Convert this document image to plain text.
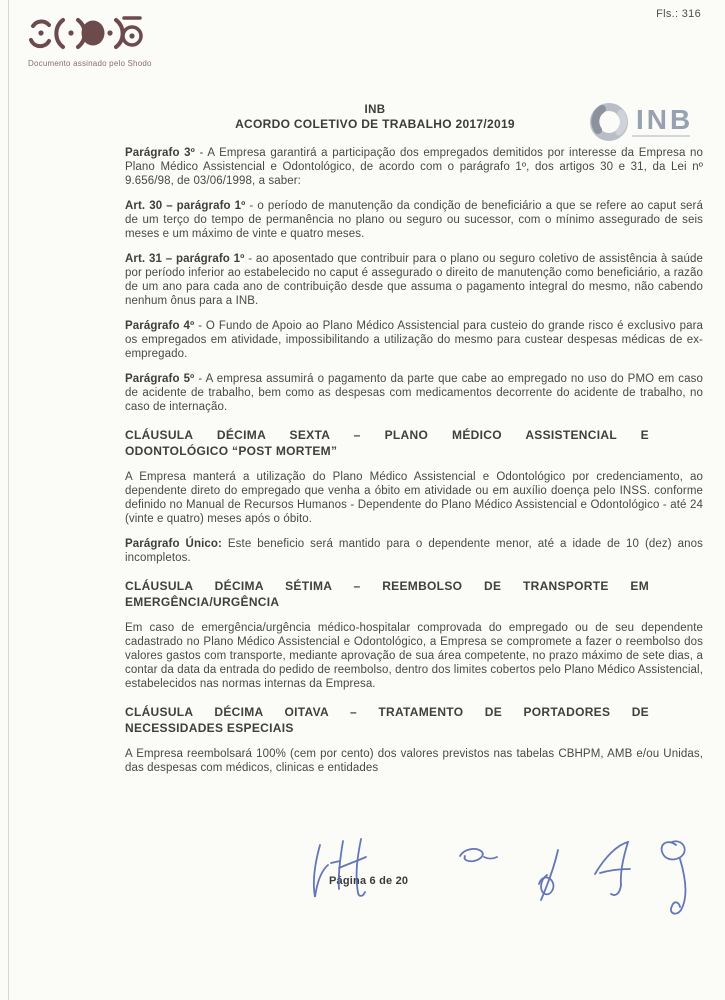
Documento assinado pelo Shodo
Fls.: 316
INB
ACORDO COLETIVO DE TRABALHO 2017/2019	INB

Parágrafo 3º - A Empresa garantirá a participação dos empregados demitidos por interesse da Empresa no Plano Médico Assistencial e Odontológico, de acordo com o parágrafo 1º, dos artigos 30 e 31, da Lei nº 9.656/98, de 03/06/1998, a saber:

Art. 30 – parágrafo 1º - o período de manutenção da condição de beneficiário a que se refere ao caput será de um terço do tempo de permanência no plano ou seguro ou sucessor, com o mínimo assegurado de seis meses e um máximo de vinte e quatro meses.

Art. 31 – parágrafo 1º - ao aposentado que contribuir para o plano ou seguro coletivo de assistência à saúde por período inferior ao estabelecido no caput é assegurado o direito de manutenção como beneficiário, a razão de um ano para cada ano de contribuição desde que assuma o pagamento integral do mesmo, não cabendo nenhum ônus para a INB.

Parágrafo 4º - O Fundo de Apoio ao Plano Médico Assistencial para custeio do grande risco é exclusivo para os empregados em atividade, impossibilitando a utilização do mesmo para custear despesas médicas de ex-empregado.

Parágrafo 5º - A empresa assumirá o pagamento da parte que cabe ao empregado no uso do PMO em caso de acidente de trabalho, bem como as despesas com medicamentos decorrente do acidente de trabalho, no caso de internação.

CLÁUSULA DÉCIMA SEXTA – PLANO MÉDICO ASSISTENCIAL E
ODONTOLÓGICO “POST MORTEM”

A Empresa manterá a utilização do Plano Médico Assistencial e Odontológico por credenciamento, ao dependente direto do empregado que venha a óbito em atividade ou em auxílio doença pelo INSS. conforme definido no Manual de Recursos Humanos - Dependente do Plano Médico Assistencial e Odontológico - até 24 (vinte e quatro) meses após o óbito.

Parágrafo Único: Este beneficio será mantido para o dependente menor, até a idade de 10 (dez) anos incompletos.

CLÁUSULA DÉCIMA SÉTIMA – REEMBOLSO DE TRANSPORTE EM
EMERGÊNCIA/URGÊNCIA

Em caso de emergência/urgência médico-hospitalar comprovada do empregado ou de seu dependente cadastrado no Plano Médico Assistencial e Odontológico, a Empresa se compromete a fazer o reembolso dos valores gastos com transporte, mediante aprovação de sua área competente, no prazo máximo de sete dias, a contar da data da entrada do pedido de reembolso, dentro dos limites cobertos pelo Plano Médico Assistencial, estabelecidos nas normas internas da Empresa.

CLÁUSULA DÉCIMA OITAVA – TRATAMENTO DE PORTADORES DE
NECESSIDADES ESPECIAIS

A Empresa reembolsará 100% (cem por cento) dos valores previstos nas tabelas CBHPM, AMB e/ou Unidas, das despesas com médicos, clinicas e entidades

Página 6 de 20
